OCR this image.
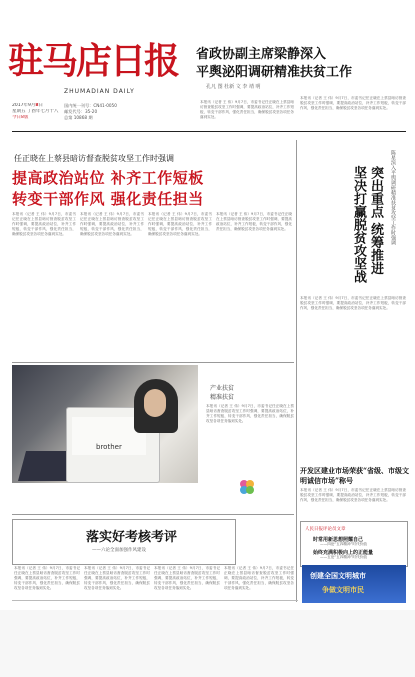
驻马店日报
ZHUMADIAN DAILY
2017年9月8日
星期五 丁酉年七月十八
今日8版
国内统一刊号：CN41-0050
邮发代号：35-20
总第 10868 期
省政协副主席梁静深入
平舆泌阳调研精准扶贫工作
孔凡 图 杜新 文 李 靖 明
本报讯（记者 王 伟）9月7日，市委书记任正晓在上蔡县暗访督查脱贫攻坚工作时强调，要提高政治站位，补齐工作短板，转变干部作风，强化责任担当，确保脱贫攻坚各项任务落到实处。
本报讯（记者 王 伟）9月7日，市委书记任正晓在上蔡县暗访督查脱贫攻坚工作时强调，要提高政治站位，补齐工作短板，转变干部作风，强化责任担当，确保脱贫攻坚各项任务落到实处。
任正晓在上蔡县暗访督查脱贫攻坚工作时强调
提高政治站位 补齐工作短板
转变干部作风 强化责任担当
本报讯（记者 王 伟）9月7日，市委书记任正晓在上蔡县暗访督查脱贫攻坚工作时强调，要提高政治站位，补齐工作短板，转变干部作风，强化责任担当，确保脱贫攻坚各项任务落到实处。
本报讯（记者 王 伟）9月7日，市委书记任正晓在上蔡县暗访督查脱贫攻坚工作时强调，要提高政治站位，补齐工作短板，转变干部作风，强化责任担当，确保脱贫攻坚各项任务落到实处。
本报讯（记者 王 伟）9月7日，市委书记任正晓在上蔡县暗访督查脱贫攻坚工作时强调，要提高政治站位，补齐工作短板，转变干部作风，强化责任担当，确保脱贫攻坚各项任务落到实处。
本报讯（记者 王 伟）9月7日，市委书记任正晓在上蔡县暗访督查脱贫攻坚工作时强调，要提高政治站位，补齐工作短板，转变干部作风，强化责任担当，确保脱贫攻坚各项任务落到实处。
brother
产业扶贫
精准扶贫
本报讯（记者 王 伟）9月7日，市委书记任正晓在上蔡县暗访督查脱贫攻坚工作时强调，要提高政治站位，补齐工作短板，转变干部作风，强化责任担当，确保脱贫攻坚各项任务落到实处。
落实好考核考评
——六论全面加强作风建设
本报讯（记者 王 伟）9月7日，市委书记任正晓在上蔡县暗访督查脱贫攻坚工作时强调，要提高政治站位，补齐工作短板，转变干部作风，强化责任担当，确保脱贫攻坚各项任务落到实处。
本报讯（记者 王 伟）9月7日，市委书记任正晓在上蔡县暗访督查脱贫攻坚工作时强调，要提高政治站位，补齐工作短板，转变干部作风，强化责任担当，确保脱贫攻坚各项任务落到实处。
本报讯（记者 王 伟）9月7日，市委书记任正晓在上蔡县暗访督查脱贫攻坚工作时强调，要提高政治站位，补齐工作短板，转变干部作风，强化责任担当，确保脱贫攻坚各项任务落到实处。
本报讯（记者 王 伟）9月7日，市委书记任正晓在上蔡县暗访督查脱贫攻坚工作时强调，要提高政治站位，补齐工作短板，转变干部作风，强化责任担当，确保脱贫攻坚各项任务落到实处。
突出重点 统筹推进 坚决打赢脱贫攻坚战	陈星滨入平舆调研精准扶贫攻坚工作时强调
本报讯（记者 王 伟）9月7日，市委书记任正晓在上蔡县暗访督查脱贫攻坚工作时强调，要提高政治站位，补齐工作短板，转变干部作风，强化责任担当，确保脱贫攻坚各项任务落到实处。
开发区建业市场荣获“省级、市级文明诚信市场”称号
本报讯（记者 王 伟）9月7日，市委书记任正晓在上蔡县暗访督查脱贫攻坚工作时强调，要提高政治站位，补齐工作短板，转变干部作风，强化责任担当，确保脱贫攻坚各项任务落到实处。
人民日报评论员文章
时常用新思想照耀自己
——四论“五四精神”时代价值
始终充满积极向上的正能量
——五论“五四精神”时代价值
创建全国文明城市
争做文明市民
